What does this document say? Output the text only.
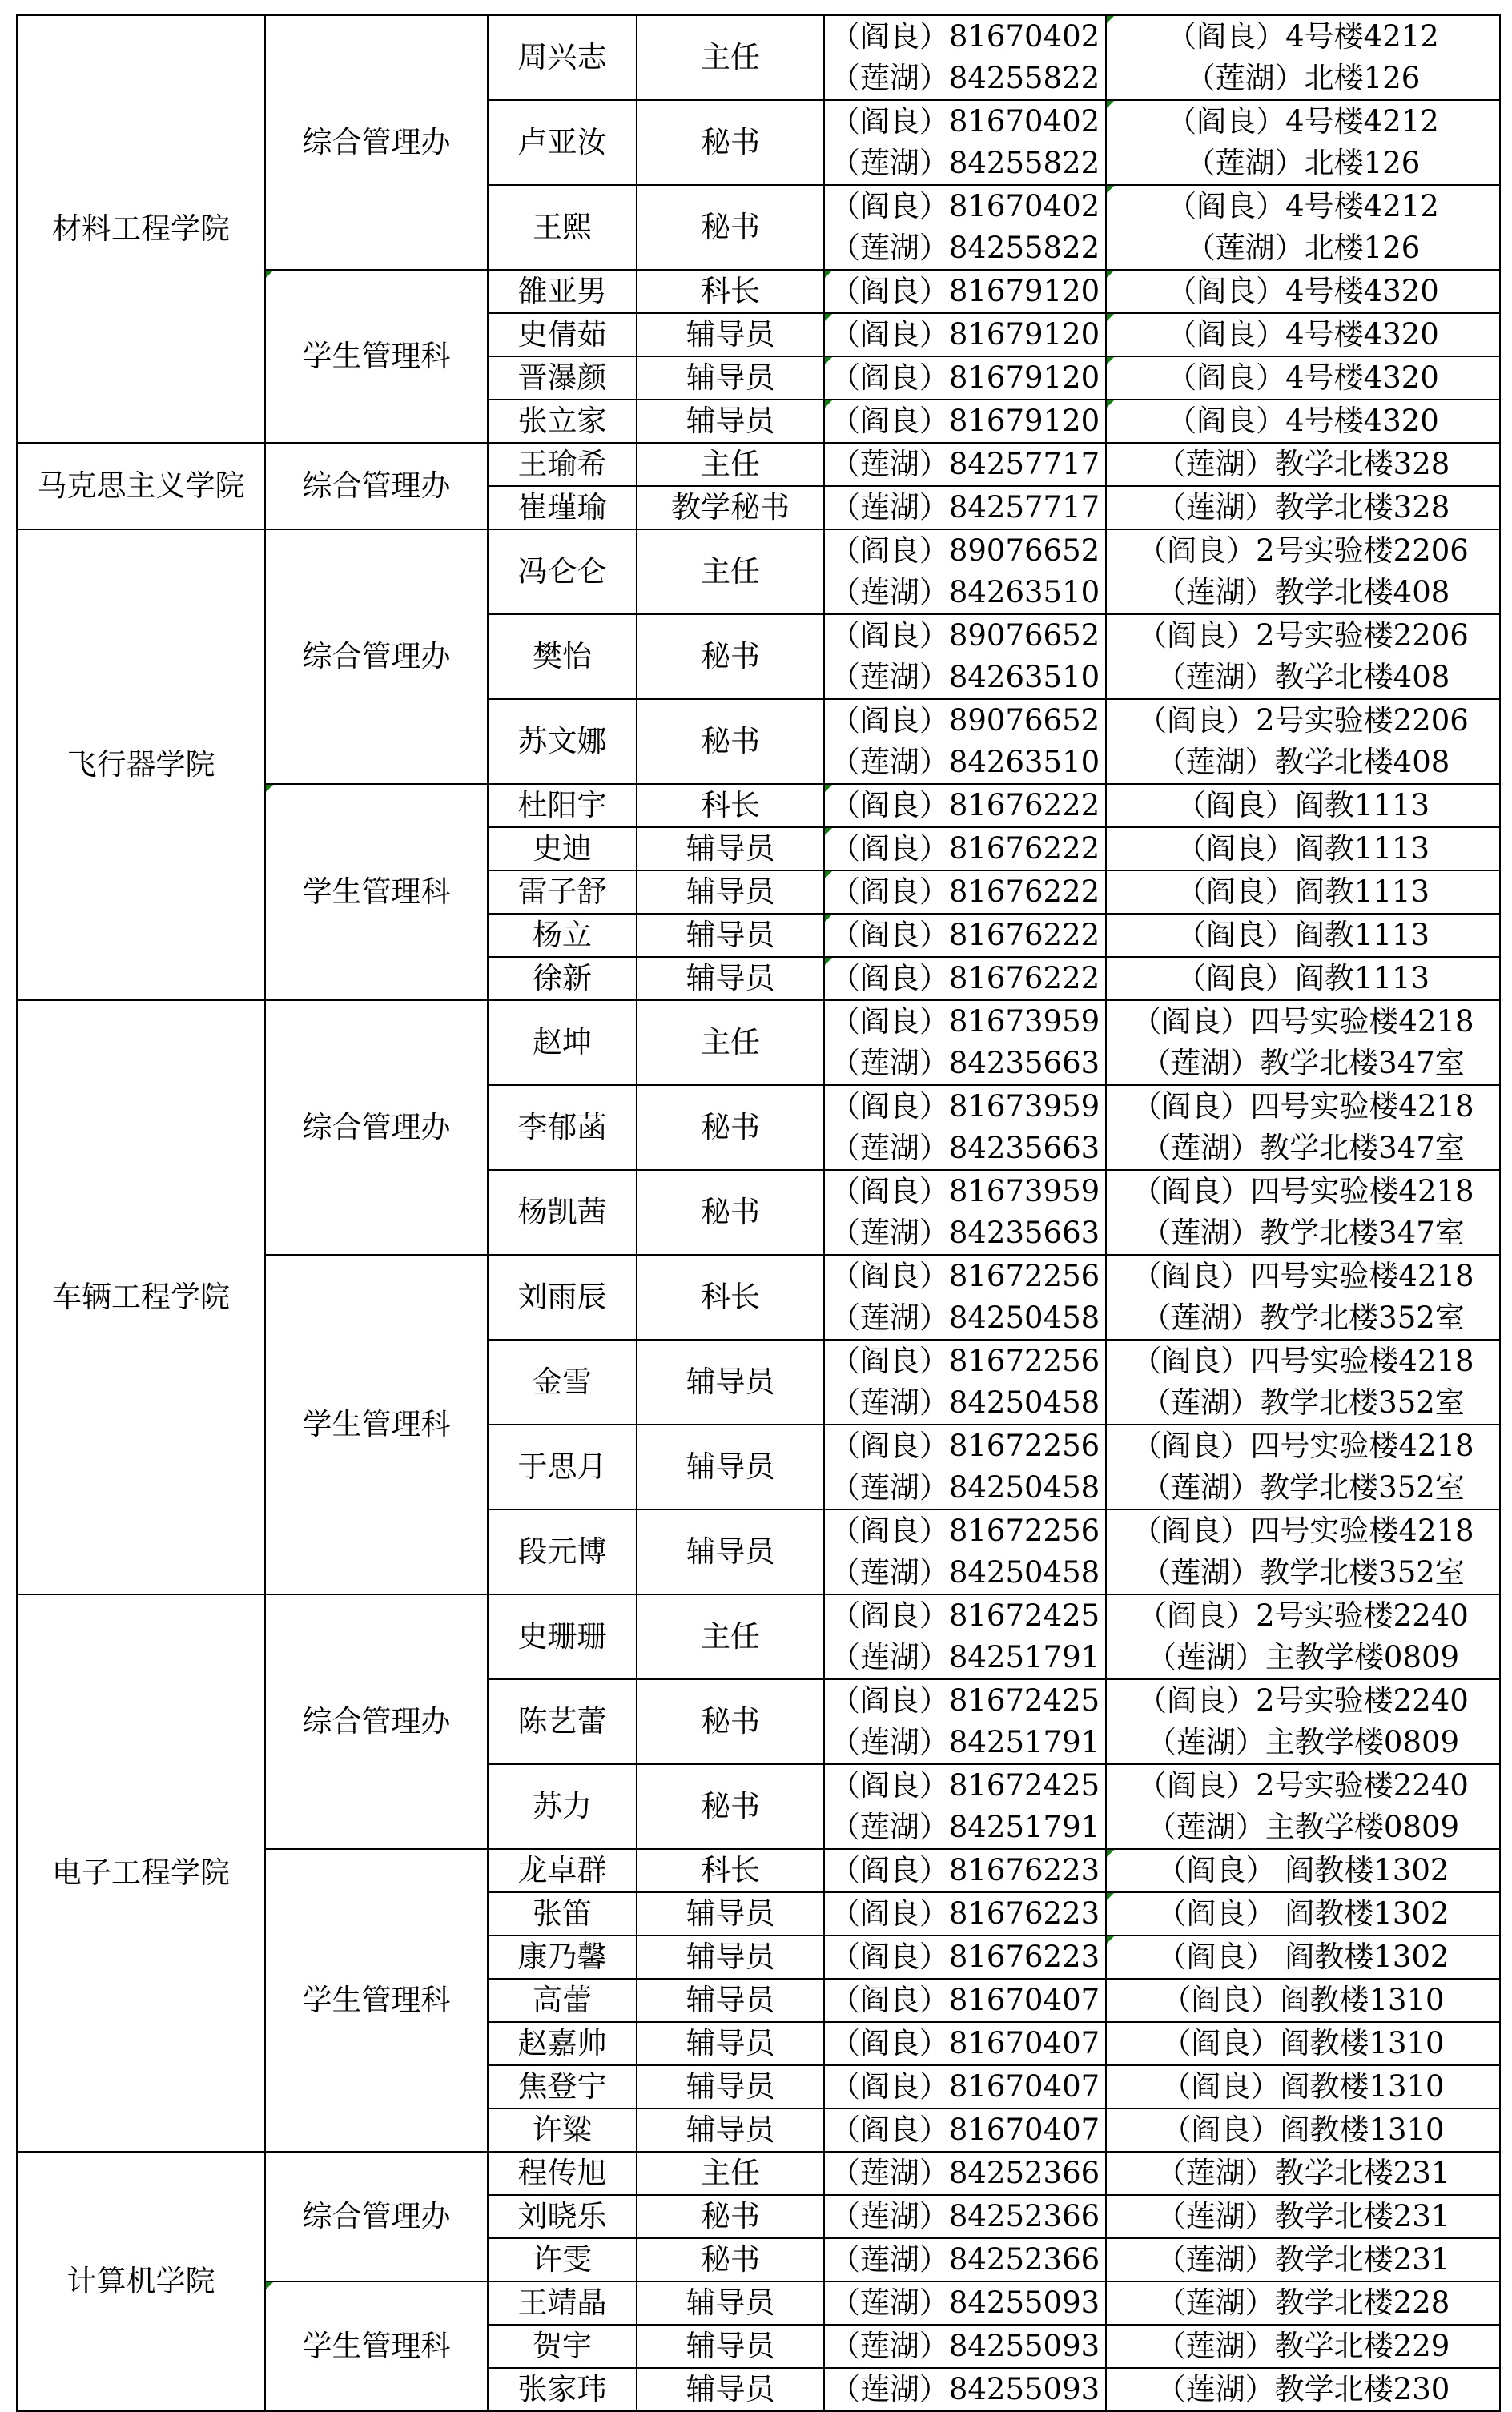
材料工程学院	综合管理办	周兴志	主任	（阎良）81670402
（莲湖）84255822	（阎良）4号楼4212
（莲湖）北楼126

		卢亚汝	秘书	（阎良）81670402
（莲湖）84255822	（阎良）4号楼4212
（莲湖）北楼126

		王熙	秘书	（阎良）81670402
（莲湖）84255822	（阎良）4号楼4212
（莲湖）北楼126

	学生管理科	雒亚男	科长	（阎良）81679120	（阎良）4号楼4320

		史倩茹	辅导员	（阎良）81679120	（阎良）4号楼4320

		晋瀑颜	辅导员	（阎良）81679120	（阎良）4号楼4320

		张立家	辅导员	（阎良）81679120	（阎良）4号楼4320

马克思主义学院	综合管理办	王瑜希	主任	（莲湖）84257717	（莲湖）教学北楼328

		崔瑾瑜	教学秘书	（莲湖）84257717	（莲湖）教学北楼328

飞行器学院	综合管理办	冯仑仑	主任	（阎良）89076652
（莲湖）84263510	（阎良）2号实验楼2206
（莲湖）教学北楼408

		樊怡	秘书	（阎良）89076652
（莲湖）84263510	（阎良）2号实验楼2206
（莲湖）教学北楼408

		苏文娜	秘书	（阎良）89076652
（莲湖）84263510	（阎良）2号实验楼2206
（莲湖）教学北楼408

	学生管理科	杜阳宇	科长	（阎良）81676222	（阎良）阎教1113

		史迪	辅导员	（阎良）81676222	（阎良）阎教1113

		雷子舒	辅导员	（阎良）81676222	（阎良）阎教1113

		杨立	辅导员	（阎良）81676222	（阎良）阎教1113

		徐新	辅导员	（阎良）81676222	（阎良）阎教1113

车辆工程学院	综合管理办	赵坤	主任	（阎良）81673959
（莲湖）84235663	（阎良）四号实验楼4218
（莲湖）教学北楼347室

		李郁菡	秘书	（阎良）81673959
（莲湖）84235663	（阎良）四号实验楼4218
（莲湖）教学北楼347室

		杨凯茜	秘书	（阎良）81673959
（莲湖）84235663	（阎良）四号实验楼4218
（莲湖）教学北楼347室

	学生管理科	刘雨辰	科长	（阎良）81672256
（莲湖）84250458	（阎良）四号实验楼4218
（莲湖）教学北楼352室

		金雪	辅导员	（阎良）81672256
（莲湖）84250458	（阎良）四号实验楼4218
（莲湖）教学北楼352室

		于思月	辅导员	（阎良）81672256
（莲湖）84250458	（阎良）四号实验楼4218
（莲湖）教学北楼352室

		段元博	辅导员	（阎良）81672256
（莲湖）84250458	（阎良）四号实验楼4218
（莲湖）教学北楼352室

电子工程学院	综合管理办	史珊珊	主任	（阎良）81672425
（莲湖）84251791	（阎良）2号实验楼2240
（莲湖）主教学楼0809

		陈艺蕾	秘书	（阎良）81672425
（莲湖）84251791	（阎良）2号实验楼2240
（莲湖）主教学楼0809

		苏力	秘书	（阎良）81672425
（莲湖）84251791	（阎良）2号实验楼2240
（莲湖）主教学楼0809

	学生管理科	龙卓群	科长	（阎良）81676223	（阎良） 阎教楼1302

		张笛	辅导员	（阎良）81676223	（阎良） 阎教楼1302

		康乃馨	辅导员	（阎良）81676223	（阎良） 阎教楼1302

		高蕾	辅导员	（阎良）81670407	（阎良）阎教楼1310

		赵嘉帅	辅导员	（阎良）81670407	（阎良）阎教楼1310

		焦登宁	辅导员	（阎良）81670407	（阎良）阎教楼1310

		许粱	辅导员	（阎良）81670407	（阎良）阎教楼1310

计算机学院	综合管理办	程传旭	主任	（莲湖）84252366	（莲湖）教学北楼231

		刘晓乐	秘书	（莲湖）84252366	（莲湖）教学北楼231

		许雯	秘书	（莲湖）84252366	（莲湖）教学北楼231

	学生管理科	王靖晶	辅导员	（莲湖）84255093	（莲湖）教学北楼228

		贺宇	辅导员	（莲湖）84255093	（莲湖）教学北楼229

		张家玮	辅导员	（莲湖）84255093	（莲湖）教学北楼230
